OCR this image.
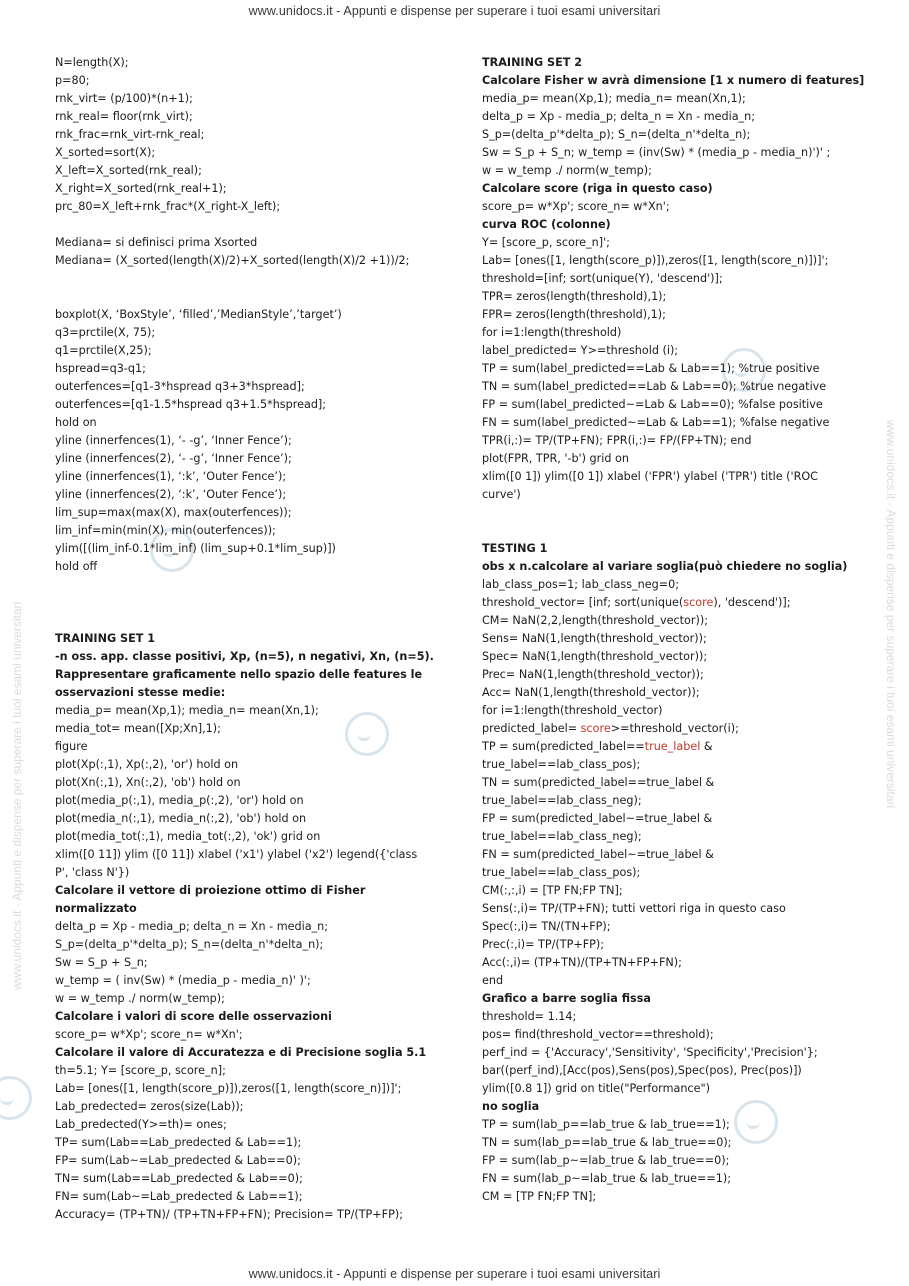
www.unidocs.it - Appunti e dispense per superare i tuoi esami universitari
www.unidocs.it - Appunti e dispense per superare i tuoi esami universitari	www.unidocs.it - Appunti e dispense per superare i tuoi esami universitari
N=length(X);
p=80;
rnk_virt= (p/100)*(n+1);
rnk_real= floor(rnk_virt);
rnk_frac=rnk_virt-rnk_real;
X_sorted=sort(X);
X_left=X_sorted(rnk_real);
X_right=X_sorted(rnk_real+1);
prc_80=X_left+rnk_frac*(X_right-X_left);
Mediana= si definisci prima Xsorted
Mediana= (X_sorted(length(X)/2)+X_sorted(length(X)/2 +1))/2;
boxplot(X, ‘BoxStyle’, ‘filled’,’MedianStyle’,’target’)
q3=prctile(X, 75);
q1=prctile(X,25);
hspread=q3-q1;
outerfences=[q1-3*hspread q3+3*hspread];
outerfences=[q1-1.5*hspread q3+1.5*hspread];
hold on
yline (innerfences(1), ‘- -g’, ‘Inner Fence’);
yline (innerfences(2), ‘- -g’, ‘Inner Fence’);
yline (innerfences(1), ‘:k’, ‘Outer Fence’);
yline (innerfences(2), ‘:k’, ‘Outer Fence’);
lim_sup=max(max(X), max(outerfences));
lim_inf=min(min(X), min(outerfences));
ylim([(lim_inf-0.1*lim_inf) (lim_sup+0.1*lim_sup)])
hold off
TRAINING SET 1
-n oss. app. classe positivi, Xp, (n=5), n negativi, Xn, (n=5).
Rappresentare graficamente nello spazio delle features le
osservazioni stesse medie:
media_p= mean(Xp,1); media_n= mean(Xn,1);
media_tot= mean([Xp;Xn],1);
figure
plot(Xp(:,1), Xp(:,2), 'or') hold on
plot(Xn(:,1), Xn(:,2), 'ob') hold on
plot(media_p(:,1), media_p(:,2), 'or') hold on
plot(media_n(:,1), media_n(:,2), 'ob') hold on
plot(media_tot(:,1), media_tot(:,2), 'ok') grid on
xlim([0 11]) ylim ([0 11]) xlabel ('x1') ylabel ('x2') legend({'class
P', 'class N'})
Calcolare il vettore di proiezione ottimo di Fisher
normalizzato
delta_p = Xp - media_p; delta_n = Xn - media_n;
S_p=(delta_p'*delta_p); S_n=(delta_n'*delta_n);
Sw = S_p + S_n;
w_temp = ( inv(Sw) * (media_p - media_n)' )';
w = w_temp ./ norm(w_temp);
Calcolare i valori di score delle osservazioni
score_p= w*Xp'; score_n= w*Xn';
Calcolare il valore di Accuratezza e di Precisione soglia 5.1
th=5.1; Y= [score_p, score_n];
Lab= [ones([1, length(score_p)]),zeros([1, length(score_n)])]';
Lab_predected= zeros(size(Lab));
Lab_predected(Y>=th)= ones;
TP= sum(Lab==Lab_predected & Lab==1);
FP= sum(Lab~=Lab_predected & Lab==0);
TN= sum(Lab==Lab_predected & Lab==0);
FN= sum(Lab~=Lab_predected & Lab==1);
Accuracy= (TP+TN)/ (TP+TN+FP+FN); Precision= TP/(TP+FP);
TRAINING SET 2
Calcolare Fisher w avrà dimensione [1 x numero di features]
media_p= mean(Xp,1); media_n= mean(Xn,1);
delta_p = Xp - media_p; delta_n = Xn - media_n;
S_p=(delta_p'*delta_p); S_n=(delta_n'*delta_n);
Sw = S_p + S_n; w_temp = (inv(Sw) * (media_p - media_n)')' ;
w = w_temp ./ norm(w_temp);
Calcolare score (riga in questo caso)
score_p= w*Xp'; score_n= w*Xn';
curva ROC (colonne)
Y= [score_p, score_n]';
Lab= [ones([1, length(score_p)]),zeros([1, length(score_n)])]';
threshold=[inf; sort(unique(Y), 'descend')];
TPR= zeros(length(threshold),1);
FPR= zeros(length(threshold),1);
for i=1:length(threshold)
label_predicted= Y>=threshold (i);
TP = sum(label_predicted==Lab & Lab==1); %true positive
TN = sum(label_predicted==Lab & Lab==0); %true negative
FP = sum(label_predicted~=Lab & Lab==0); %false positive
FN = sum(label_predicted~=Lab & Lab==1); %false negative
TPR(i,:)= TP/(TP+FN); FPR(i,:)= FP/(FP+TN); end
plot(FPR, TPR, '-b') grid on
xlim([0 1]) ylim([0 1]) xlabel ('FPR') ylabel ('TPR') title ('ROC
curve')
TESTING 1
obs x n.calcolare al variare soglia(può chiedere no soglia)
lab_class_pos=1; lab_class_neg=0;
threshold_vector= [inf; sort(unique(score), 'descend')];
CM= NaN(2,2,length(threshold_vector));
Sens= NaN(1,length(threshold_vector));
Spec= NaN(1,length(threshold_vector));
Prec= NaN(1,length(threshold_vector));
Acc= NaN(1,length(threshold_vector));
for i=1:length(threshold_vector)
predicted_label= score>=threshold_vector(i);
TP = sum(predicted_label==true_label &
true_label==lab_class_pos);
TN = sum(predicted_label==true_label &
true_label==lab_class_neg);
FP = sum(predicted_label~=true_label &
true_label==lab_class_neg);
FN = sum(predicted_label~=true_label &
true_label==lab_class_pos);
CM(:,:,i) = [TP FN;FP TN];
Sens(:,i)= TP/(TP+FN); tutti vettori riga in questo caso
Spec(:,i)= TN/(TN+FP);
Prec(:,i)= TP/(TP+FP);
Acc(:,i)= (TP+TN)/(TP+TN+FP+FN);
end
Grafico a barre soglia fissa
threshold= 1.14;
pos= find(threshold_vector==threshold);
perf_ind = {'Accuracy','Sensitivity', 'Specificity','Precision'};
bar((perf_ind),[Acc(pos),Sens(pos),Spec(pos), Prec(pos)])
ylim([0.8 1]) grid on title("Performance")
no soglia
TP = sum(lab_p==lab_true & lab_true==1);
TN = sum(lab_p==lab_true & lab_true==0);
FP = sum(lab_p~=lab_true & lab_true==0);
FN = sum(lab_p~=lab_true & lab_true==1);
CM = [TP FN;FP TN];
www.unidocs.it - Appunti e dispense per superare i tuoi esami universitari
